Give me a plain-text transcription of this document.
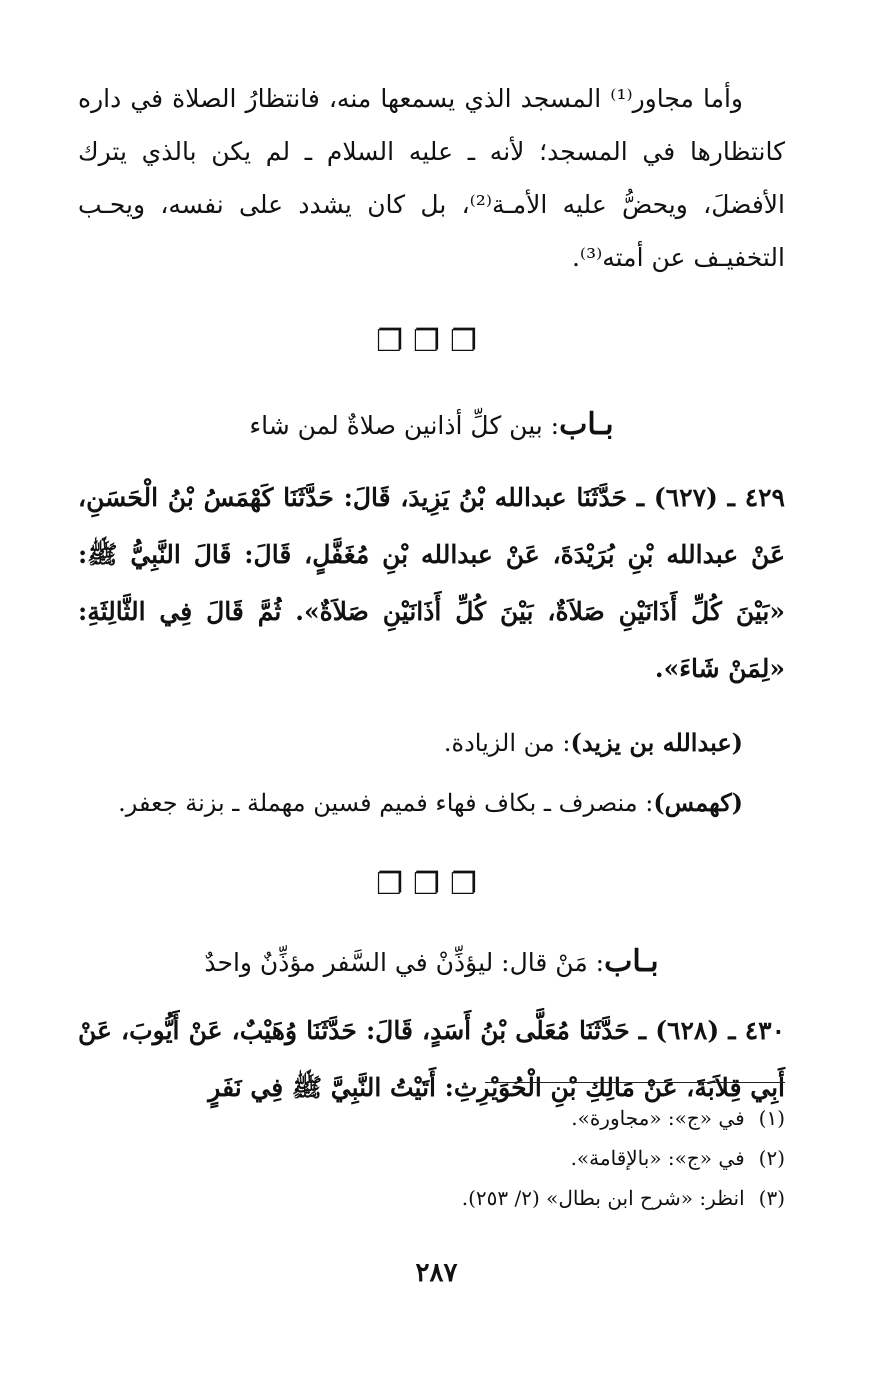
وأما مجاور⁽¹⁾ المسجد الذي يسمعها منه، فانتظارُ الصلاة في داره كانتظارها في المسجد؛ لأنه ـ عليه السلام ـ لم يكن بالذي يترك الأفضلَ، ويحضُّ عليه الأمـة⁽²⁾، بل كان يشدد على نفسه، ويحـب التخفيـف عن أمته⁽³⁾.

❐❐❐

بـاب: بين كلِّ أذانين صلاةٌ لمن شاء

٤٢٩ ـ (٦٢٧) ـ حَدَّثَنَا عبدالله بْنُ يَزِيدَ، قَالَ: حَدَّثَنَا كَهْمَسُ بْنُ الْحَسَنِ، عَنْ عبدالله بْنِ بُرَيْدَةَ، عَنْ عبدالله بْنِ مُغَفَّلٍ، قَالَ: قَالَ النَّبِيُّ ﷺ: «بَيْنَ كُلِّ أَذَانَيْنِ صَلاَةٌ، بَيْنَ كُلِّ أَذَانَيْنِ صَلاَةٌ». ثُمَّ قَالَ فِي الثَّالِثَةِ: «لِمَنْ شَاءَ».

(عبدالله بن يزيد): من الزيادة.

(كهمس): منصرف ـ بكاف فهاء فميم فسين مهملة ـ بزنة جعفر.

❐❐❐

بـاب: مَنْ قال: ليؤذِّنْ في السَّفر مؤذِّنٌ واحدٌ

٤٣٠ ـ (٦٢٨) ـ حَدَّثَنَا مُعَلَّى بْنُ أَسَدٍ، قَالَ: حَدَّثَنَا وُهَيْبٌ، عَنْ أَيُّوبَ، عَنْ أَبِي قِلاَبَةَ، عَنْ مَالِكِ بْنِ الْحُوَيْرِثِ: أَتَيْتُ النَّبِيَّ ﷺ فِي نَفَرٍ

(١) في «ج»: «مجاورة».

(٢) في «ج»: «بالإقامة».

(٣) انظر: «شرح ابن بطال» (٢/ ٢٥٣).

٢٨٧
